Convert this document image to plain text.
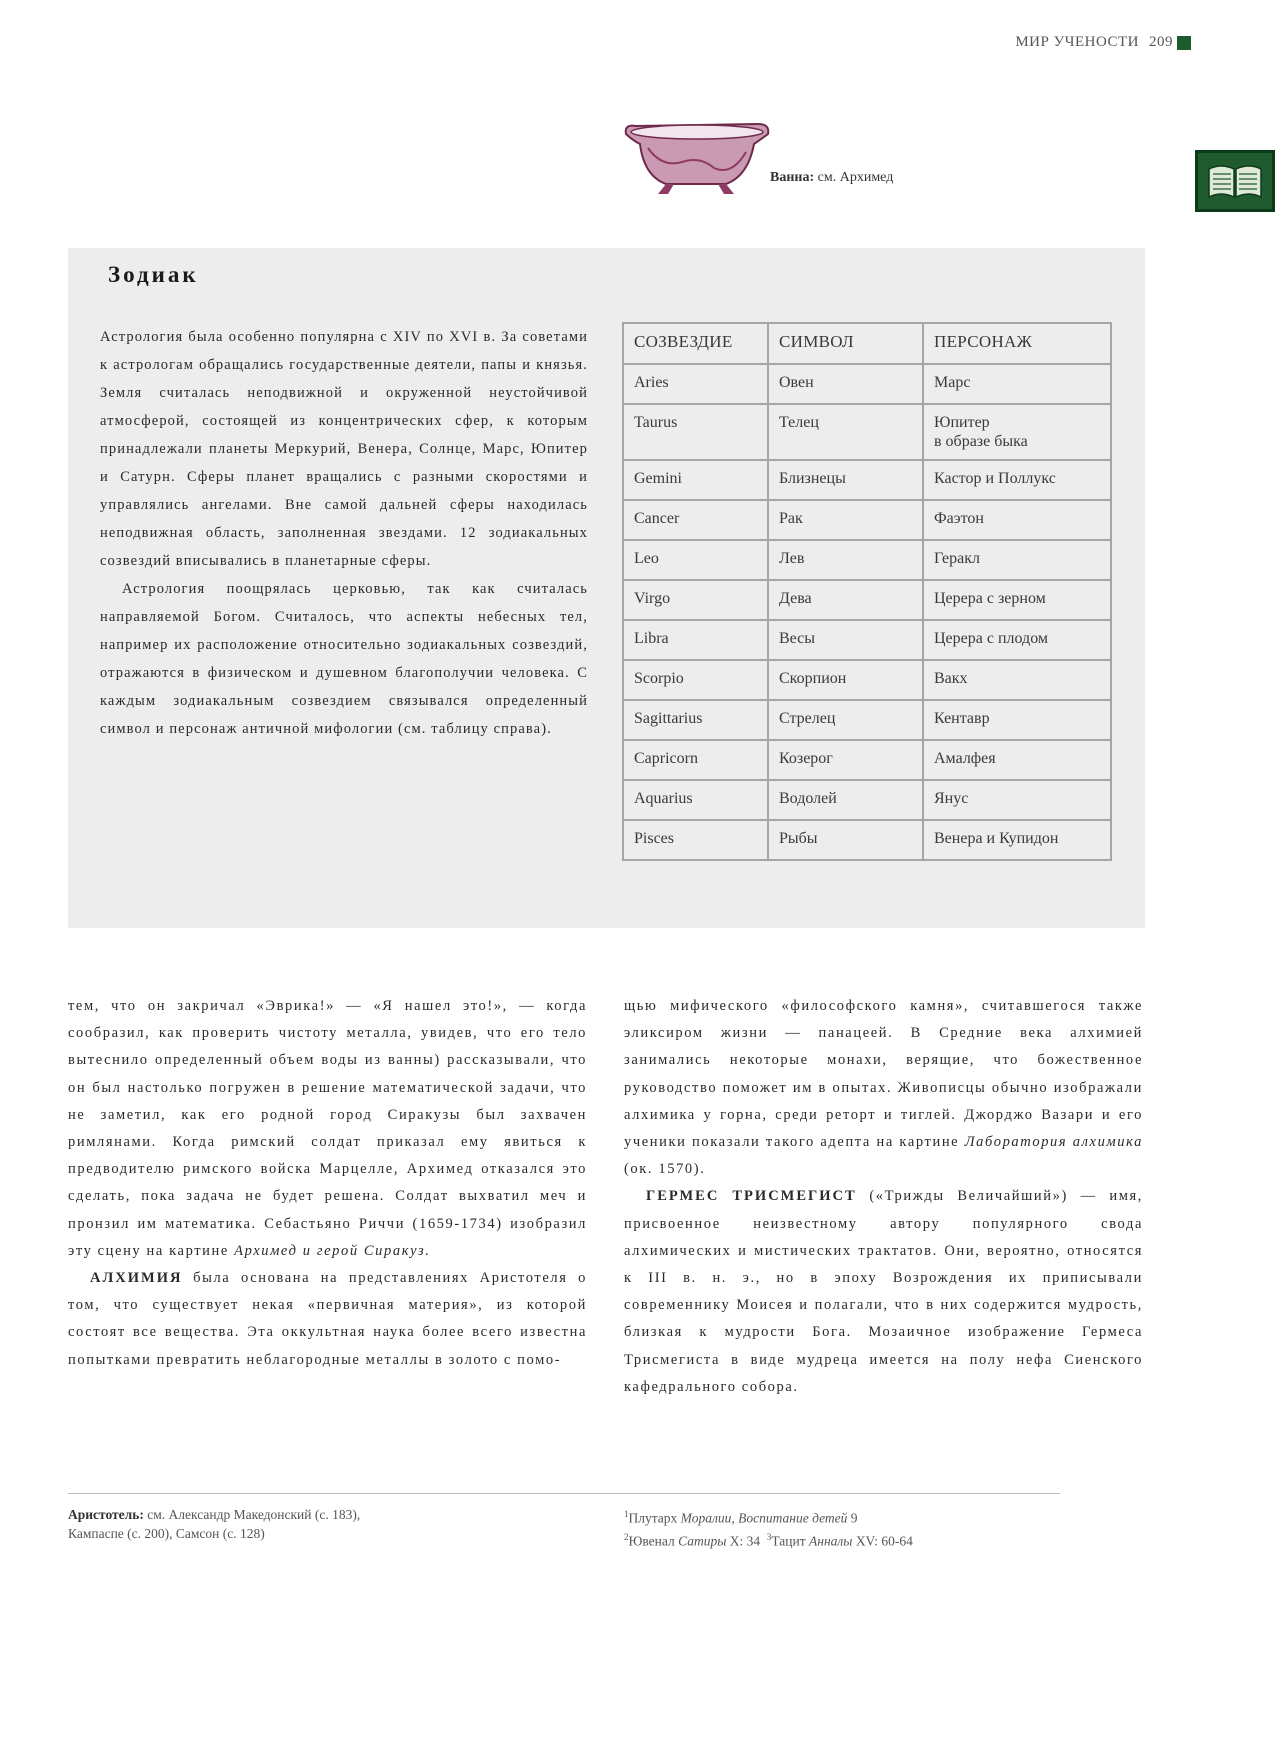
МИР УЧЕНОСТИ 209
Ванна: см. Архимед
Зодиак

Астрология была особенно популярна с XIV по XVI в. За советами к астрологам обращались государственные деятели, папы и князья. Земля считалась неподвижной и окруженной неустойчивой атмосферой, состоящей из концентрических сфер, к которым принадлежали планеты Меркурий, Венера, Солнце, Марс, Юпитер и Сатурн. Сферы планет вращались с разными скоростями и управлялись ангелами. Вне самой дальней сферы находилась неподвижная область, заполненная звездами. 12 зодиакальных созвездий вписывались в планетарные сферы.

Астрология поощрялась церковью, так как считалась направляемой Богом. Считалось, что аспекты небесных тел, например их расположение относительно зодиакальных созвездий, отражаются в физическом и душевном благополучии человека. С каждым зодиакальным созвездием связывался определенный символ и персонаж античной мифологии (см. таблицу справа).

СОЗВЕЗДИЕ	СИМВОЛ	ПЕРСОНАЖ
Aries	Овен	Марс
Taurus	Телец	Юпитер
в образе быка
Gemini	Близнецы	Кастор и Поллукс
Cancer	Рак	Фаэтон
Leo	Лев	Геракл
Virgo	Дева	Церера с зерном
Libra	Весы	Церера с плодом
Scorpio	Скорпион	Вакх
Sagittarius	Стрелец	Кентавр
Capricorn	Козерог	Амалфея
Aquarius	Водолей	Янус
Pisces	Рыбы	Венера и Купидон

тем, что он закричал «Эврика!» — «Я нашел это!», — когда сообразил, как проверить чистоту металла, увидев, что его тело вытеснило определенный объем воды из ванны) рассказывали, что он был настолько погружен в решение математической задачи, что не заметил, как его родной город Сиракузы был захвачен римлянами. Когда римский солдат приказал ему явиться к предводителю римского войска Марцелле, Архимед отказался это сделать, пока задача не будет решена. Солдат выхватил меч и пронзил им математика. Себастьяно Риччи (1659-1734) изобразил эту сцену на картине Архимед и герой Сиракуз.

АЛХИМИЯ была основана на представлениях Аристотеля о том, что существует некая «первичная материя», из которой состоят все вещества. Эта оккультная наука более всего известна попытками превратить неблагородные металлы в золото с помо-

щью мифического «философского камня», считавшегося также эликсиром жизни — панацеей. В Средние века алхимией занимались некоторые монахи, верящие, что божественное руководство поможет им в опытах. Живописцы обычно изображали алхимика у горна, среди реторт и тиглей. Джорджо Вазари и его ученики показали такого адепта на картине Лаборатория алхимика (ок. 1570).

ГЕРМЕС ТРИСМЕГИСТ («Трижды Величайший») — имя, присвоенное неизвестному автору популярного свода алхимических и мистических трактатов. Они, вероятно, относятся к III в. н. э., но в эпоху Возрождения их приписывали современнику Моисея и полагали, что в них содержится мудрость, близкая к мудрости Бога. Мозаичное изображение Гермеса Трисмегиста в виде мудреца имеется на полу нефа Сиенского кафедрального собора.

Аристотель: см. Александр Македонский (с. 183),
Кампаспе (с. 200), Самсон (с. 128)
$^1$Плутарх Моралии, Воспитание детей 9
$^2$Ювенал Сатиры X: 34 $^3$Тацит Анналы XV: 60-64
